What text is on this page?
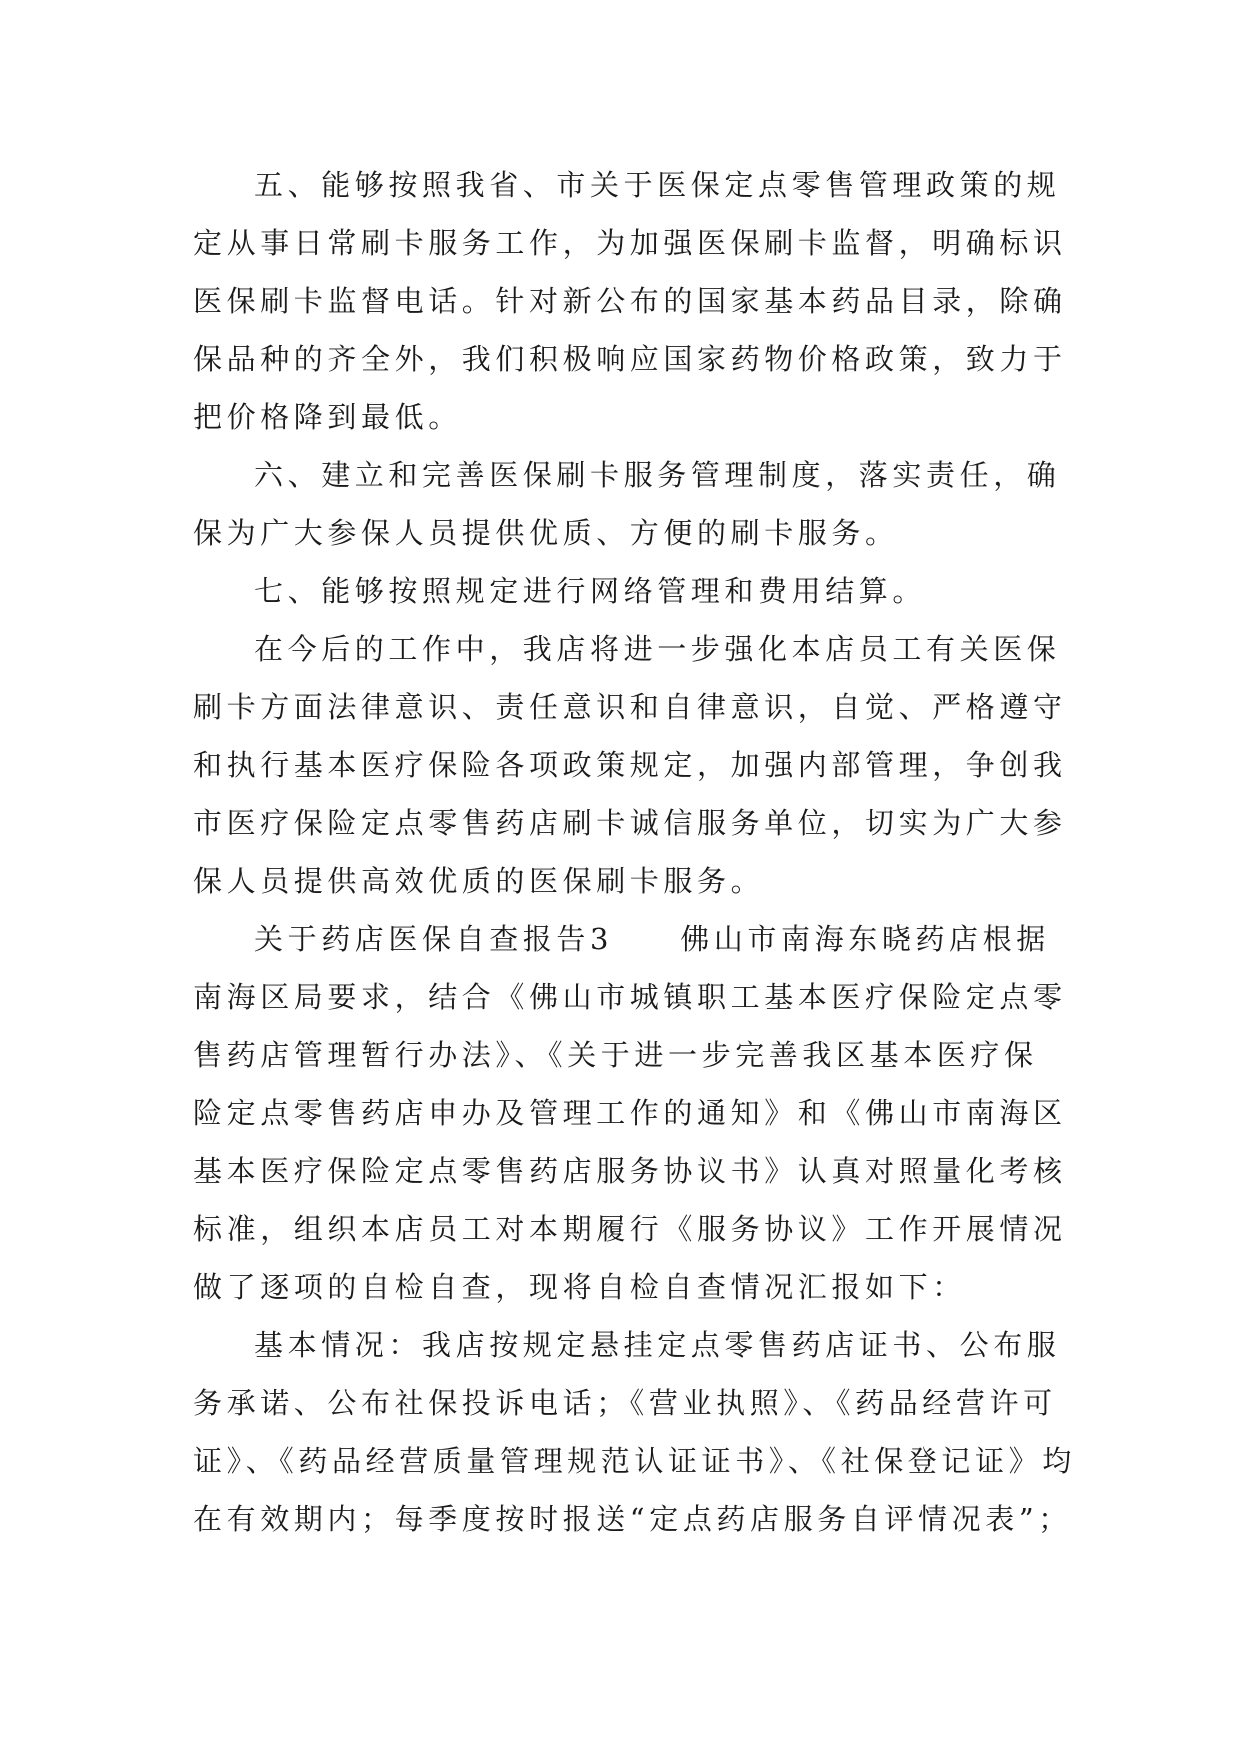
五、能够按照我省、市关于医保定点零售管理政策的规
定从事日常刷卡服务工作，为加强医保刷卡监督，明确标识
医保刷卡监督电话。针对新公布的国家基本药品目录，除确
保品种的齐全外，我们积极响应国家药物价格政策，致力于
把价格降到最低。
六、建立和完善医保刷卡服务管理制度，落实责任，确
保为广大参保人员提供优质、方便的刷卡服务。
七、能够按照规定进行网络管理和费用结算。
在今后的工作中，我店将进一步强化本店员工有关医保
刷卡方面法律意识、责任意识和自律意识，自觉、严格遵守
和执行基本医疗保险各项政策规定，加强内部管理，争创我
市医疗保险定点零售药店刷卡诚信服务单位，切实为广大参
保人员提供高效优质的医保刷卡服务。
关于药店医保自查报告3　　佛山市南海东晓药店根据
南海区局要求，结合《佛山市城镇职工基本医疗保险定点零
售药店管理暂行办法》、《关于进一步完善我区基本医疗保
险定点零售药店申办及管理工作的通知》和《佛山市南海区
基本医疗保险定点零售药店服务协议书》认真对照量化考核
标准，组织本店员工对本期履行《服务协议》工作开展情况
做了逐项的自检自查，现将自检自查情况汇报如下：
基本情况：我店按规定悬挂定点零售药店证书、公布服
务承诺、公布社保投诉电话；《营业执照》、《药品经营许可
证》、《药品经营质量管理规范认证证书》、《社保登记证》均
在有效期内；每季度按时报送“定点药店服务自评情况表”；
